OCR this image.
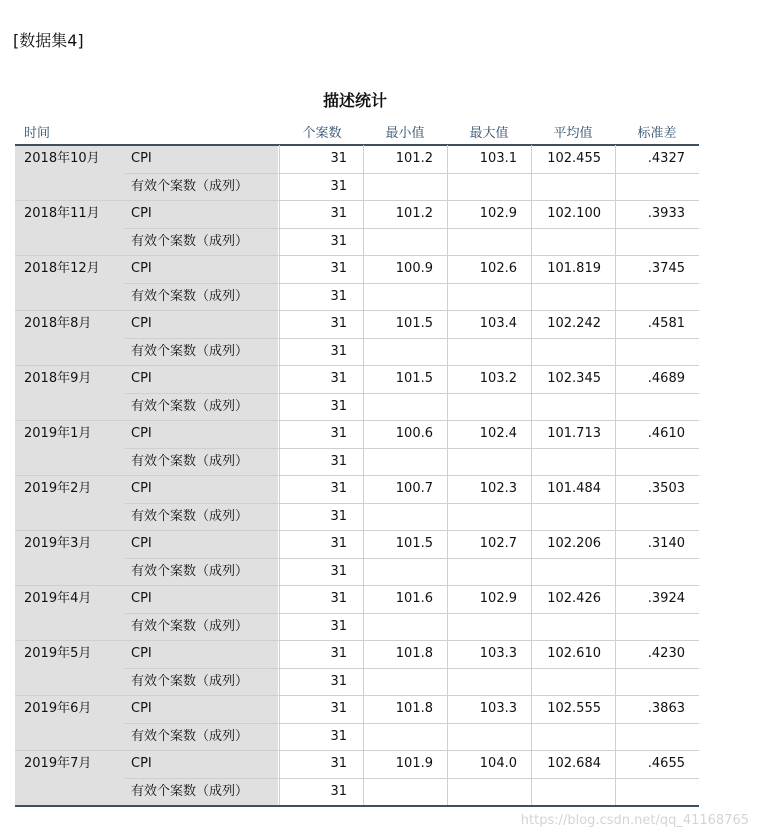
[数据集4]
描述统计
时间	个案数	最小值	最大值	平均值	标准差
2018年10月 CPI	31	101.2	103.1	102.455	.4327
有效个案数（成列）	31
2018年11月 CPI	31	101.2	102.9	102.100	.3933
有效个案数（成列）	31
2018年12月 CPI	31	100.9	102.6	101.819	.3745
有效个案数（成列）	31
2018年8月	CPI	31	101.5	103.4	102.242	.4581
有效个案数（成列）	31
2018年9月	CPI	31	101.5	103.2	102.345	.4689
有效个案数（成列）	31
2019年1月	CPI	31	100.6	102.4	101.713	.4610
有效个案数（成列）	31
2019年2月	CPI	31	100.7	102.3	101.484	.3503
有效个案数（成列）	31
2019年3月	CPI	31	101.5	102.7	102.206	.3140
有效个案数（成列）	31
2019年4月	CPI	31	101.6	102.9	102.426	.3924
有效个案数（成列）	31
2019年5月	CPI	31	101.8	103.3	102.610	.4230
有效个案数（成列）	31
2019年6月	CPI	31	101.8	103.3	102.555	.3863
有效个案数（成列）	31
2019年7月	CPI	31	101.9	104.0	102.684	.4655
有效个案数（成列）	31
https://blog.csdn.net/qq_41168765
